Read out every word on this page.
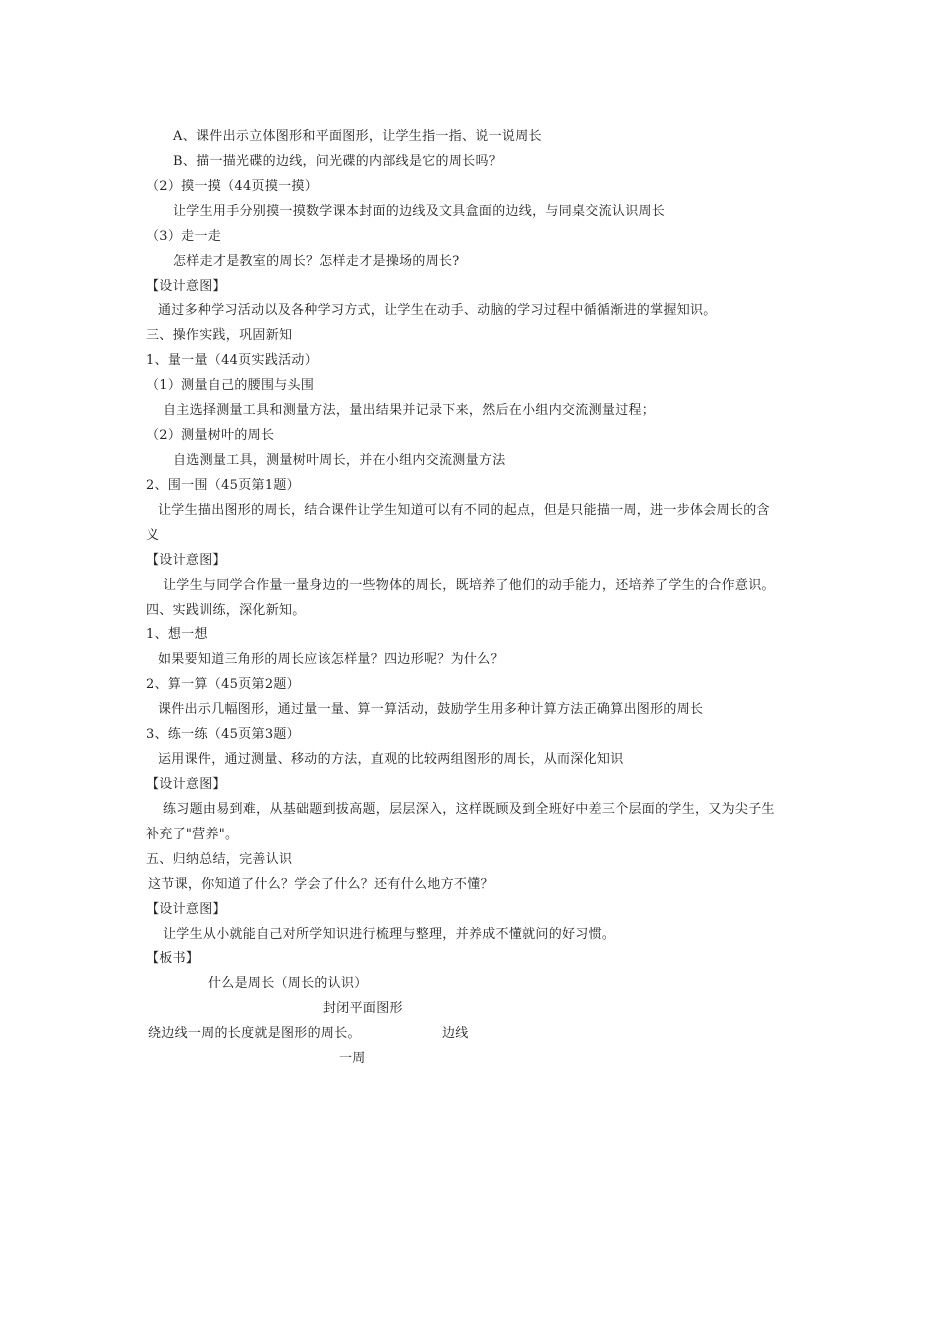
A、课件出示立体图形和平面图形，让学生指一指、说一说周长
B、描一描光碟的边线，问光碟的内部线是它的周长吗？
（2）摸一摸（44页摸一摸）
让学生用手分别摸一摸数学课本封面的边线及文具盒面的边线，与同桌交流认识周长
（3）走一走
怎样走才是教室的周长？怎样走才是操场的周长?
【设计意图】
通过多种学习活动以及各种学习方式，让学生在动手、动脑的学习过程中循循渐进的掌握知识。
三、操作实践，巩固新知
1、量一量（44页实践活动）
（1）测量自己的腰围与头围
自主选择测量工具和测量方法，量出结果并记录下来，然后在小组内交流测量过程；
（2）测量树叶的周长
自选测量工具，测量树叶周长，并在小组内交流测量方法
2、围一围（45页第1题）
让学生描出图形的周长，结合课件让学生知道可以有不同的起点，但是只能描一周，进一步体会周长的含
义
【设计意图】
让学生与同学合作量一量身边的一些物体的周长，既培养了他们的动手能力，还培养了学生的合作意识。
四、实践训练，深化新知。
1、想一想
如果要知道三角形的周长应该怎样量？四边形呢？为什么？
2、算一算（45页第2题）
课件出示几幅图形，通过量一量、算一算活动，鼓励学生用多种计算方法正确算出图形的周长
3、练一练（45页第3题）
运用课件，通过测量、移动的方法，直观的比较两组图形的周长，从而深化知识
【设计意图】
练习题由易到难，从基础题到拔高题，层层深入，这样既顾及到全班好中差三个层面的学生，又为尖子生
补充了"营养"。
五、归纳总结，完善认识
这节课，你知道了什么？学会了什么？还有什么地方不懂？
【设计意图】
让学生从小就能自己对所学知识进行梳理与整理，并养成不懂就问的好习惯。
【板书】
什么是周长（周长的认识）
封闭平面图形
绕边线一周的长度就是图形的周长。	边线
一周
